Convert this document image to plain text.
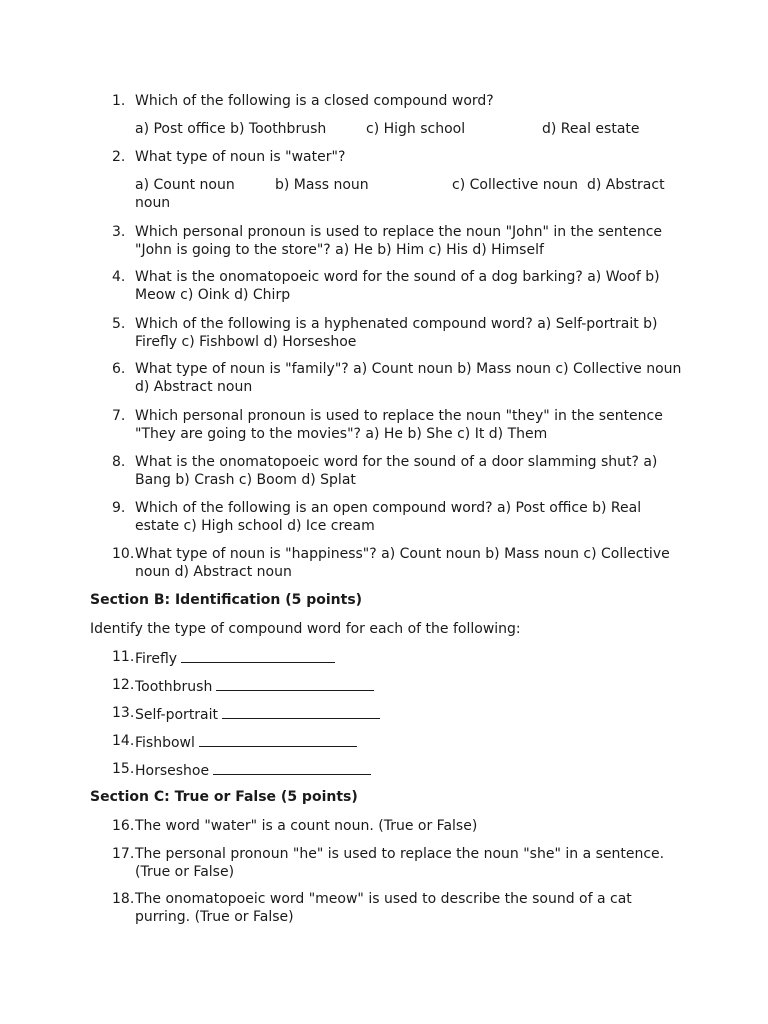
1. Which of the following is a closed compound word?
a) Post office b) Toothbrush	c) High school	d) Real estate
2. What type of noun is "water"?
a) Count noun	b) Mass noun	c) Collective noun d) Abstract
noun
3. Which personal pronoun is used to replace the noun "John" in the sentence "John is going to the store"? a) He b) Him c) His d) Himself
4. What is the onomatopoeic word for the sound of a dog barking? a) Woof b) Meow c) Oink d) Chirp
5. Which of the following is a hyphenated compound word? a) Self-portrait b) Firefly c) Fishbowl d) Horseshoe
6. What type of noun is "family"? a) Count noun b) Mass noun c) Collective noun d) Abstract noun
7. Which personal pronoun is used to replace the noun "they" in the sentence "They are going to the movies"? a) He b) She c) It d) Them
8. What is the onomatopoeic word for the sound of a door slamming shut? a) Bang b) Crash c) Boom d) Splat
9. Which of the following is an open compound word? a) Post office b) Real estate c) High school d) Ice cream
10. What type of noun is "happiness"? a) Count noun b) Mass noun c) Collective noun d) Abstract noun
Section B: Identification (5 points)
Identify the type of compound word for each of the following:
11. Firefly
12. Toothbrush
13. Self-portrait
14. Fishbowl
15. Horseshoe
Section C: True or False (5 points)
16. The word "water" is a count noun. (True or False)
17. The personal pronoun "he" is used to replace the noun "she" in a sentence. (True or False)
18. The onomatopoeic word "meow" is used to describe the sound of a cat purring. (True or False)
